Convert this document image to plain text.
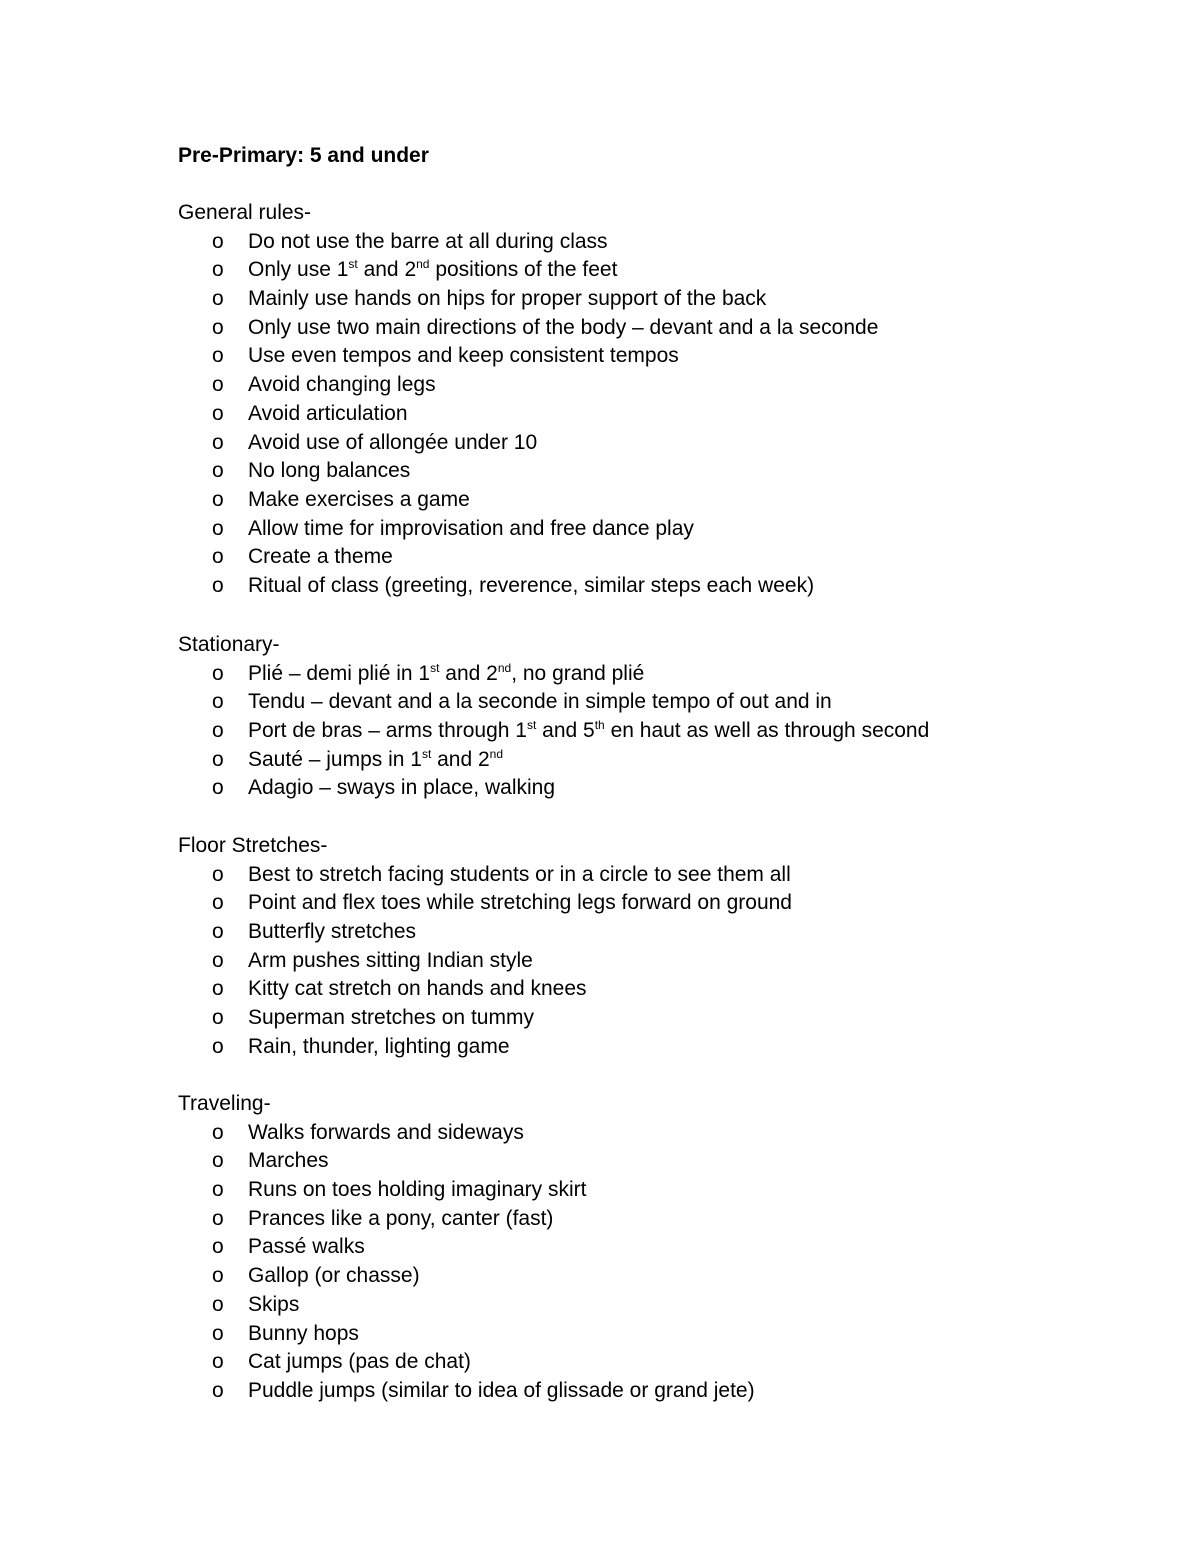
Pre-Primary: 5 and under
General rules-
o Do not use the barre at all during class
o Only use 1st and 2nd positions of the feet
o Mainly use hands on hips for proper support of the back
o Only use two main directions of the body – devant and a la seconde
o Use even tempos and keep consistent tempos
o Avoid changing legs
o Avoid articulation
o Avoid use of allongée under 10
o No long balances
o Make exercises a game
o Allow time for improvisation and free dance play
o Create a theme
o Ritual of class (greeting, reverence, similar steps each week)
Stationary-
o Plié – demi plié in 1st and 2nd, no grand plié
o Tendu – devant and a la seconde in simple tempo of out and in
o Port de bras – arms through 1st and 5th en haut as well as through second
o Sauté – jumps in 1st and 2nd
o Adagio – sways in place, walking
Floor Stretches-
o Best to stretch facing students or in a circle to see them all
o Point and flex toes while stretching legs forward on ground
o Butterfly stretches
o Arm pushes sitting Indian style
o Kitty cat stretch on hands and knees
o Superman stretches on tummy
o Rain, thunder, lighting game
Traveling-
o Walks forwards and sideways
o Marches
o Runs on toes holding imaginary skirt
o Prances like a pony, canter (fast)
o Passé walks
o Gallop (or chasse)
o Skips
o Bunny hops
o Cat jumps (pas de chat)
o Puddle jumps (similar to idea of glissade or grand jete)
